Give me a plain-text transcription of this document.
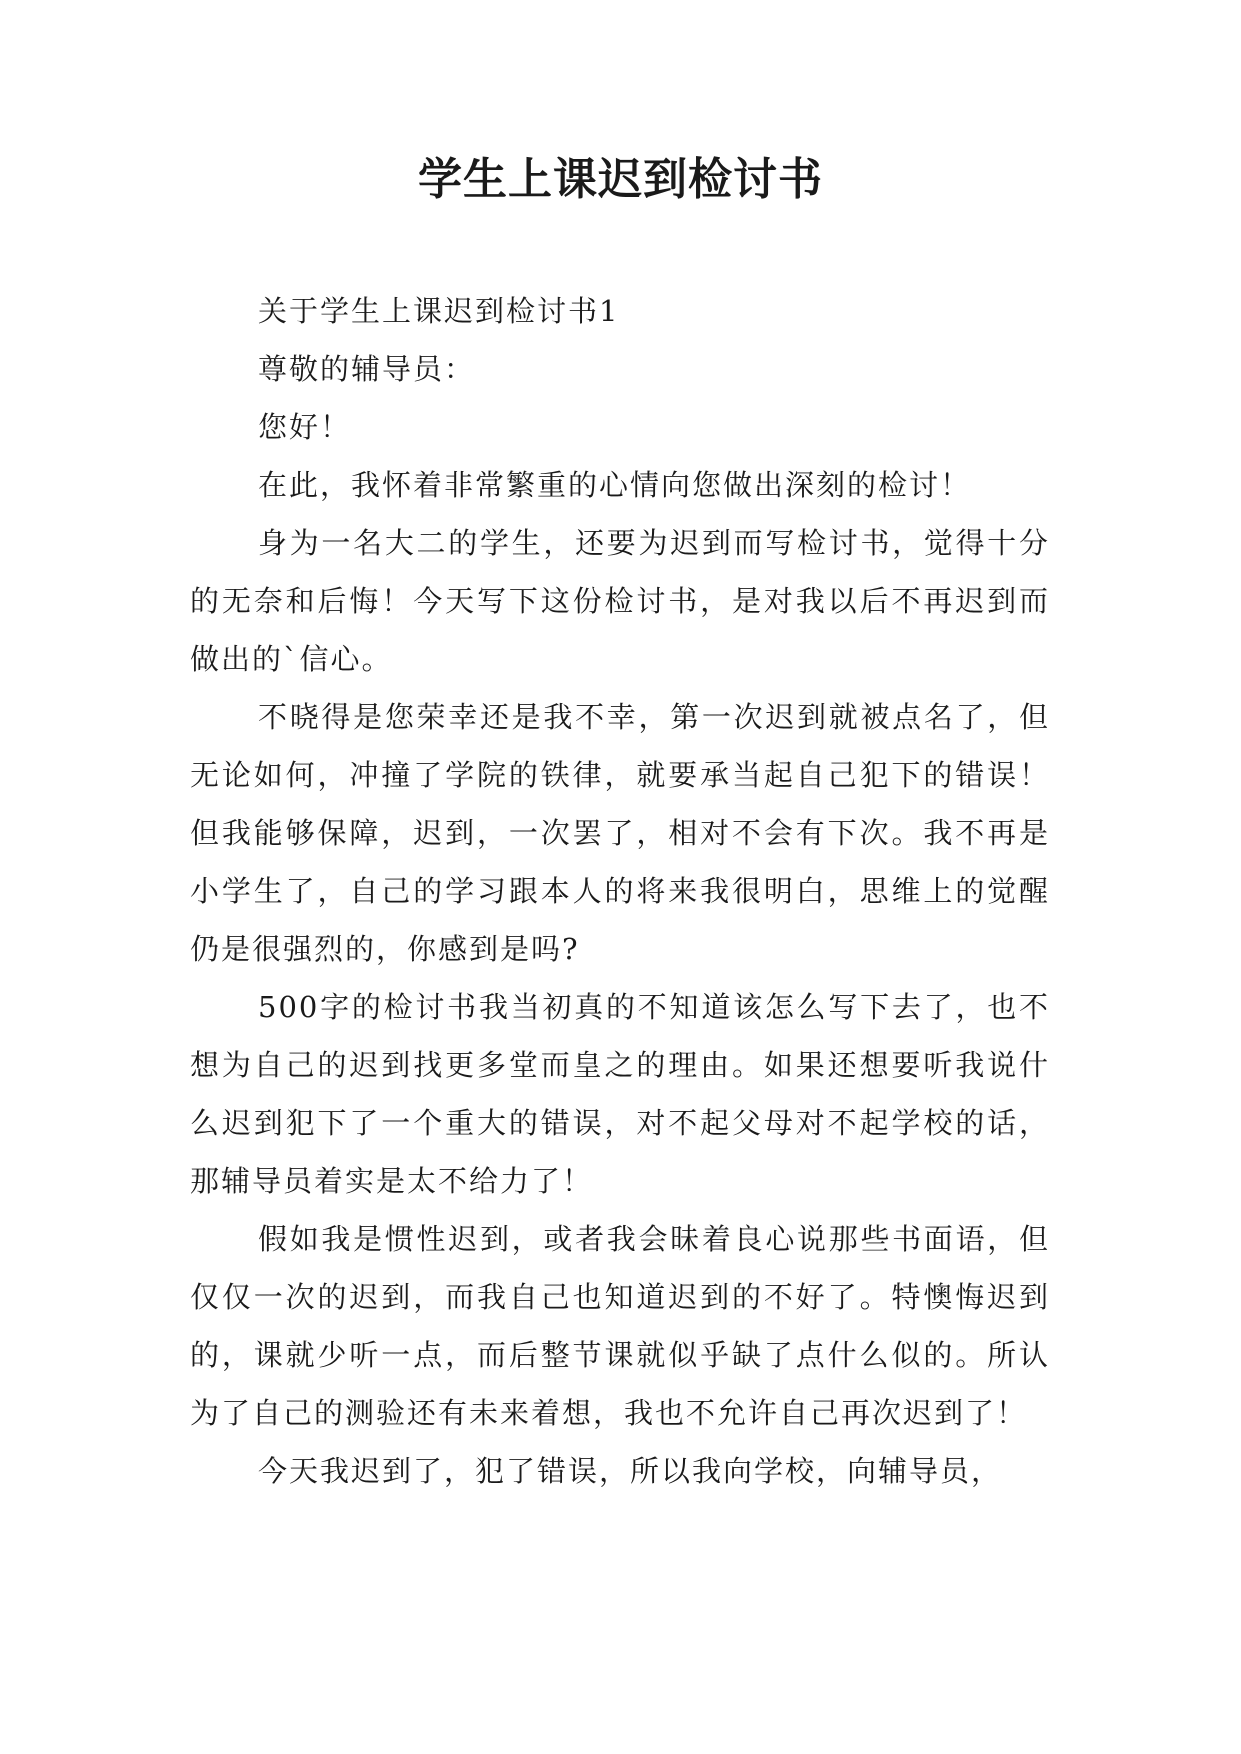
学生上课迟到检讨书

关于学生上课迟到检讨书1

尊敬的辅导员：

您好！

在此，我怀着非常繁重的心情向您做出深刻的检讨！

身为一名大二的学生，还要为迟到而写检讨书，觉得十分的无奈和后悔！今天写下这份检讨书，是对我以后不再迟到而做出的`信心。

不晓得是您荣幸还是我不幸，第一次迟到就被点名了，但无论如何，冲撞了学院的铁律，就要承当起自己犯下的错误！但我能够保障，迟到，一次罢了，相对不会有下次。我不再是小学生了，自己的学习跟本人的将来我很明白，思维上的觉醒仍是很强烈的，你感到是吗?

500字的检讨书我当初真的不知道该怎么写下去了，也不想为自己的迟到找更多堂而皇之的理由。如果还想要听我说什么迟到犯下了一个重大的错误，对不起父母对不起学校的话，那辅导员着实是太不给力了！

假如我是惯性迟到，或者我会昧着良心说那些书面语，但仅仅一次的迟到，而我自己也知道迟到的不好了。特懊悔迟到的，课就少听一点，而后整节课就似乎缺了点什么似的。所认为了自己的测验还有未来着想，我也不允许自己再次迟到了！

今天我迟到了，犯了错误，所以我向学校，向辅导员，
